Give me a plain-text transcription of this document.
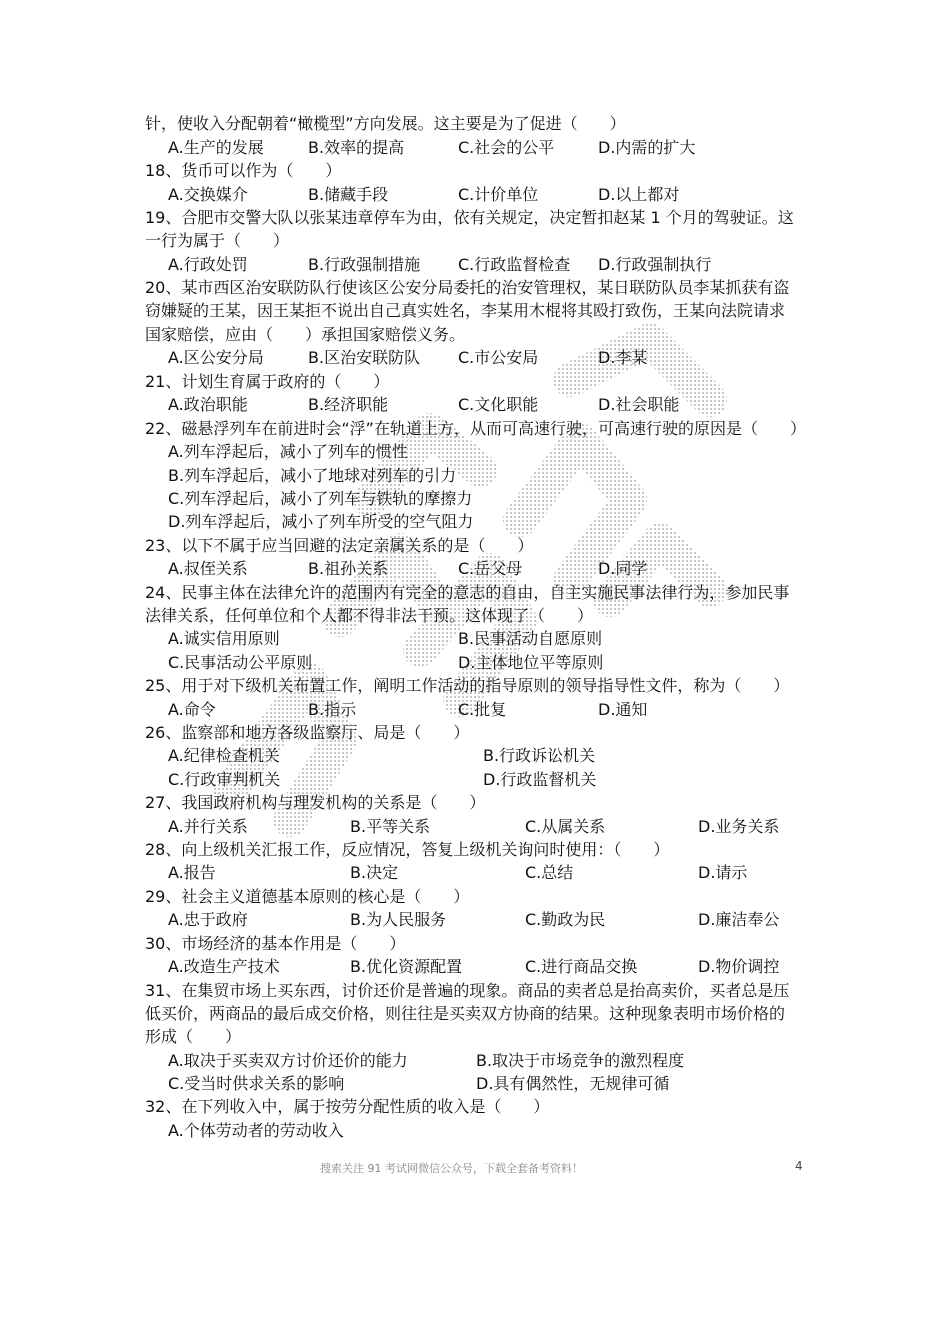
针，使收入分配朝着“橄榄型”方向发展。这主要是为了促进（　　）
A.生产的发展	B.效率的提高	C.社会的公平	D.内需的扩大
18、货币可以作为（　　）
A.交换媒介	B.储藏手段	C.计价单位	D.以上都对
19、合肥市交警大队以张某违章停车为由，依有关规定，决定暂扣赵某 1 个月的驾驶证。这
一行为属于（　　）
A.行政处罚	B.行政强制措施 C.行政监督检查 D.行政强制执行
20、某市西区治安联防队行使该区公安分局委托的治安管理权，某日联防队员李某抓获有盗
窃嫌疑的王某，因王某拒不说出自己真实姓名，李某用木棍将其殴打致伤，王某向法院请求
国家赔偿，应由（　　）承担国家赔偿义务。
A.区公安分局	B.区治安联防队 C.市公安局	D.李某
21、计划生育属于政府的（　　）
A.政治职能	B.经济职能	C.文化职能	D.社会职能
22、磁悬浮列车在前进时会“浮”在轨道上方，从而可高速行驶，可高速行驶的原因是（　　）
A.列车浮起后，减小了列车的惯性
B.列车浮起后，减小了地球对列车的引力
C.列车浮起后，减小了列车与铁轨的摩擦力
D.列车浮起后，减小了列车所受的空气阻力
23、以下不属于应当回避的法定亲属关系的是（　　）
A.叔侄关系	B.祖孙关系	C.岳父母	D.同学
24、民事主体在法律允许的范围内有完全的意志的自由，自主实施民事法律行为，参加民事
法律关系，任何单位和个人都不得非法干预。这体现了（　　）
A.诚实信用原则	B.民事活动自愿原则
C.民事活动公平原则	D.主体地位平等原则
25、用于对下级机关布置工作，阐明工作活动的指导原则的领导指导性文件，称为（　　）
A.命令	B.指示	C.批复	D.通知
26、监察部和地方各级监察厅、局是（　　）
A.纪律检查机关	B.行政诉讼机关
C.行政审判机关	D.行政监督机关
27、我国政府机构与理发机构的关系是（　　）
A.并行关系	B.平等关系	C.从属关系	D.业务关系
28、向上级机关汇报工作，反应情况，答复上级机关询问时使用：（　　）
A.报告	B.决定	C.总结	D.请示
29、社会主义道德基本原则的核心是（　　）
A.忠于政府	B.为人民服务	C.勤政为民	D.廉洁奉公
30、市场经济的基本作用是（　　）
A.改造生产技术	B.优化资源配置	C.进行商品交换	D.物价调控
31、在集贸市场上买东西，讨价还价是普遍的现象。商品的卖者总是抬高卖价，买者总是压
低买价，两商品的最后成交价格，则往往是买卖双方协商的结果。这种现象表明市场价格的
形成（　　）
A.取决于买卖双方讨价还价的能力	B.取决于市场竞争的激烈程度
C.受当时供求关系的影响	D.具有偶然性，无规律可循
32、在下列收入中，属于按劳分配性质的收入是（　　）
A.个体劳动者的劳动收入
搜索关注 91 考试网微信公众号，下载全套备考资料！	4
